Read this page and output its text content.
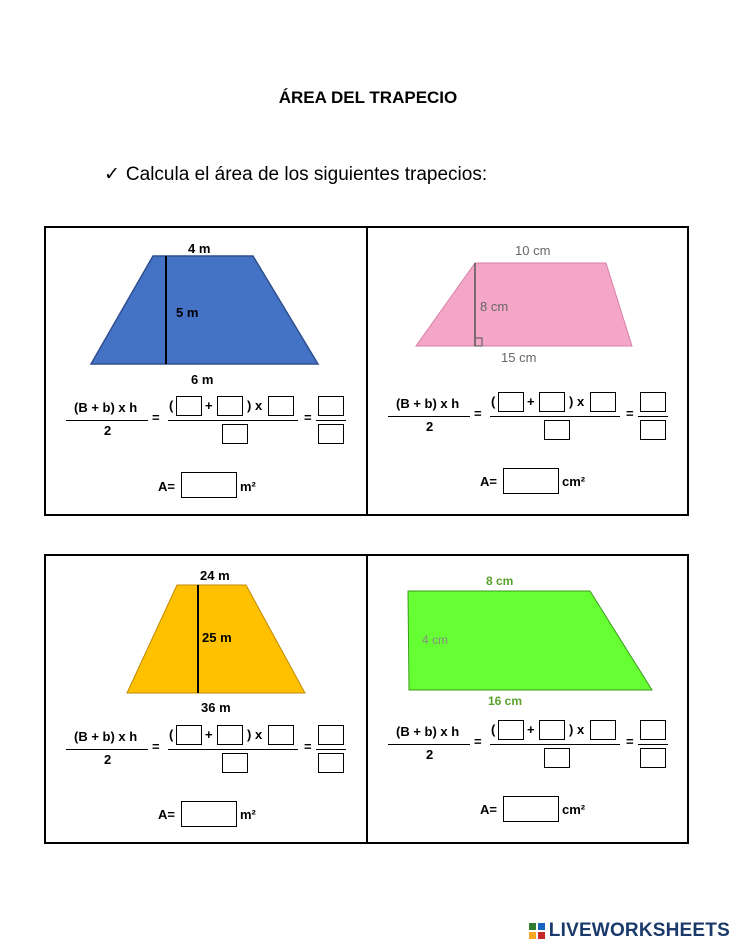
ÁREA DEL TRAPECIO
✓ Calcula el área de los siguientes trapecios:
4 m
5 m
6 m
(B + b) x h
2
=
( +	) x
=
A=	m²
10 cm
8 cm
15 cm
(B + b) x h
2
=
( +	) x
=
A=	cm²
24 m
25 m
36 m
(B + b) x h
2
=
( +	) x
=
A=	m²
8 cm
4 cm
16 cm
(B + b) x h
2
=
( +	) x
=
A=	cm²
LIVEWORKSHEETS
